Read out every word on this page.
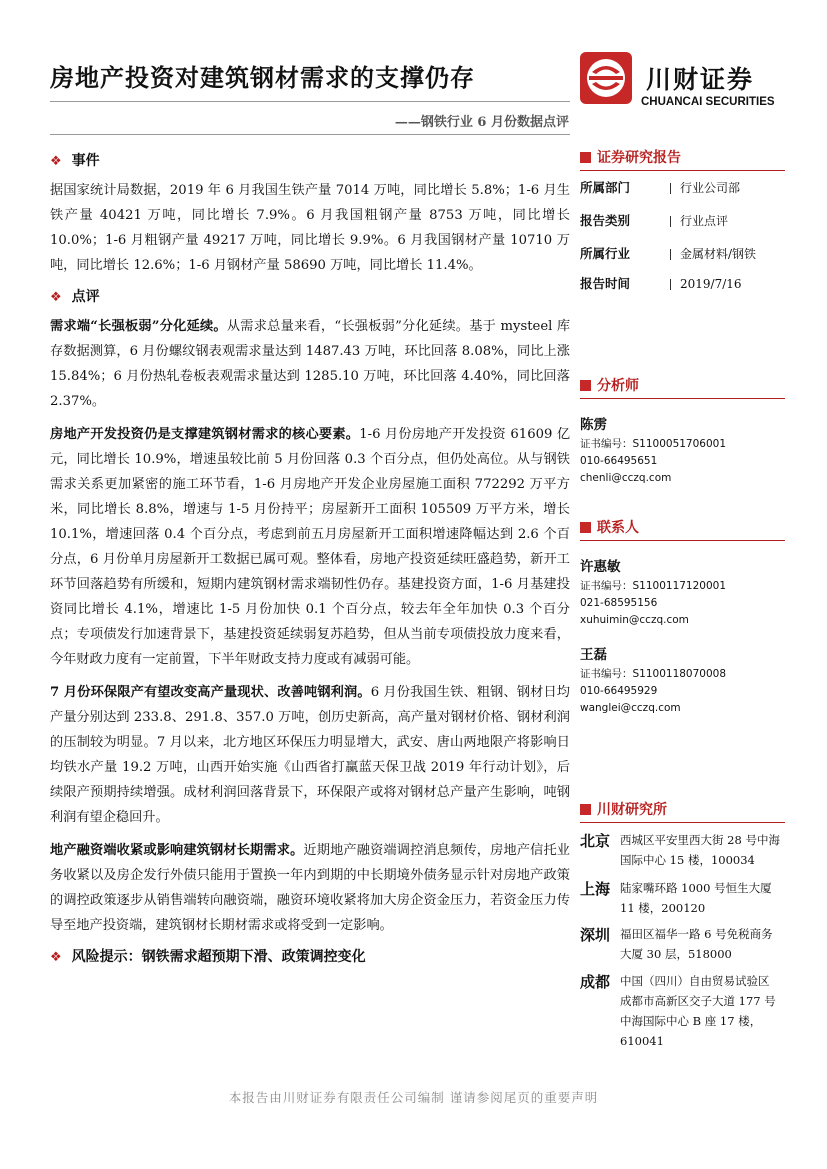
房地产投资对建筑钢材需求的支撑仍存
——钢铁行业 6 月份数据点评
川财证券
CHUANCAI SECURITIES
❖ 事件

据国家统计局数据，2019 年 6 月我国生铁产量 7014 万吨，同比增长 5.8%；1-6 月生铁产量 40421 万吨，同比增长 7.9%。6 月我国粗钢产量 8753 万吨，同比增长 10.0%；1-6 月粗钢产量 49217 万吨，同比增长 9.9%。6 月我国钢材产量 10710 万吨，同比增长 12.6%；1-6 月钢材产量 58690 万吨，同比增长 11.4%。

❖ 点评

需求端“长强板弱”分化延续。从需求总量来看，“长强板弱”分化延续。基于 mysteel 库存数据测算，6 月份螺纹钢表观需求量达到 1487.43 万吨，环比回落 8.08%，同比上涨 15.84%；6 月份热轧卷板表观需求量达到 1285.10 万吨，环比回落 4.40%，同比回落 2.37%。

房地产开发投资仍是支撑建筑钢材需求的核心要素。1-6 月份房地产开发投资 61609 亿元，同比增长 10.9%，增速虽较比前 5 月份回落 0.3 个百分点，但仍处高位。从与钢铁需求关系更加紧密的施工环节看，1-6 月房地产开发企业房屋施工面积 772292 万平方米，同比增长 8.8%，增速与 1-5 月份持平；房屋新开工面积 105509 万平方米，增长 10.1%，增速回落 0.4 个百分点，考虑到前五月房屋新开工面积增速降幅达到 2.6 个百分点，6 月份单月房屋新开工数据已属可观。整体看，房地产投资延续旺盛趋势，新开工环节回落趋势有所缓和，短期内建筑钢材需求端韧性仍存。基建投资方面，1-6 月基建投资同比增长 4.1%，增速比 1-5 月份加快 0.1 个百分点，较去年全年加快 0.3 个百分点；专项债发行加速背景下，基建投资延续弱复苏趋势，但从当前专项债投放力度来看，今年财政力度有一定前置，下半年财政支持力度或有减弱可能。

7 月份环保限产有望改变高产量现状、改善吨钢利润。6 月份我国生铁、粗钢、钢材日均产量分别达到 233.8、291.8、357.0 万吨，创历史新高，高产量对钢材价格、钢材利润的压制较为明显。7 月以来，北方地区环保压力明显增大，武安、唐山两地限产将影响日均铁水产量 19.2 万吨，山西开始实施《山西省打赢蓝天保卫战 2019 年行动计划》，后续限产预期持续增强。成材利润回落背景下，环保限产或将对钢材总产量产生影响，吨钢利润有望企稳回升。

地产融资端收紧或影响建筑钢材长期需求。近期地产融资端调控消息频传，房地产信托业务收紧以及房企发行外债只能用于置换一年内到期的中长期境外债务显示针对房地产政策的调控政策逐步从销售端转向融资端，融资环境收紧将加大房企资金压力，若资金压力传导至地产投资端，建筑钢材长期材需求或将受到一定影响。

❖ 风险提示：钢铁需求超预期下滑、政策调控变化
证券研究报告
所属部门	行业公司部
报告类别	行业点评
所属行业	金属材料/钢铁
报告时间	2019/7/16
分析师
陈雳
证书编号：S1100051706001
010-66495651
chenli@cczq.com
联系人
许惠敏
证书编号：S1100117120001
021-68595156
xuhuimin@cczq.com
王磊
证书编号：S1100118070008
010-66495929
wanglei@cczq.com
川财研究所
北京 西城区平安里西大街 28 号中海国际中心 15 楼，100034
上海 陆家嘴环路 1000 号恒生大厦 11 楼，200120
深圳 福田区福华一路 6 号免税商务大厦 30 层，518000
成都 中国（四川）自由贸易试验区成都市高新区交子大道 177 号中海国际中心 B 座 17 楼，610041
本报告由川财证券有限责任公司编制 谨请参阅尾页的重要声明
